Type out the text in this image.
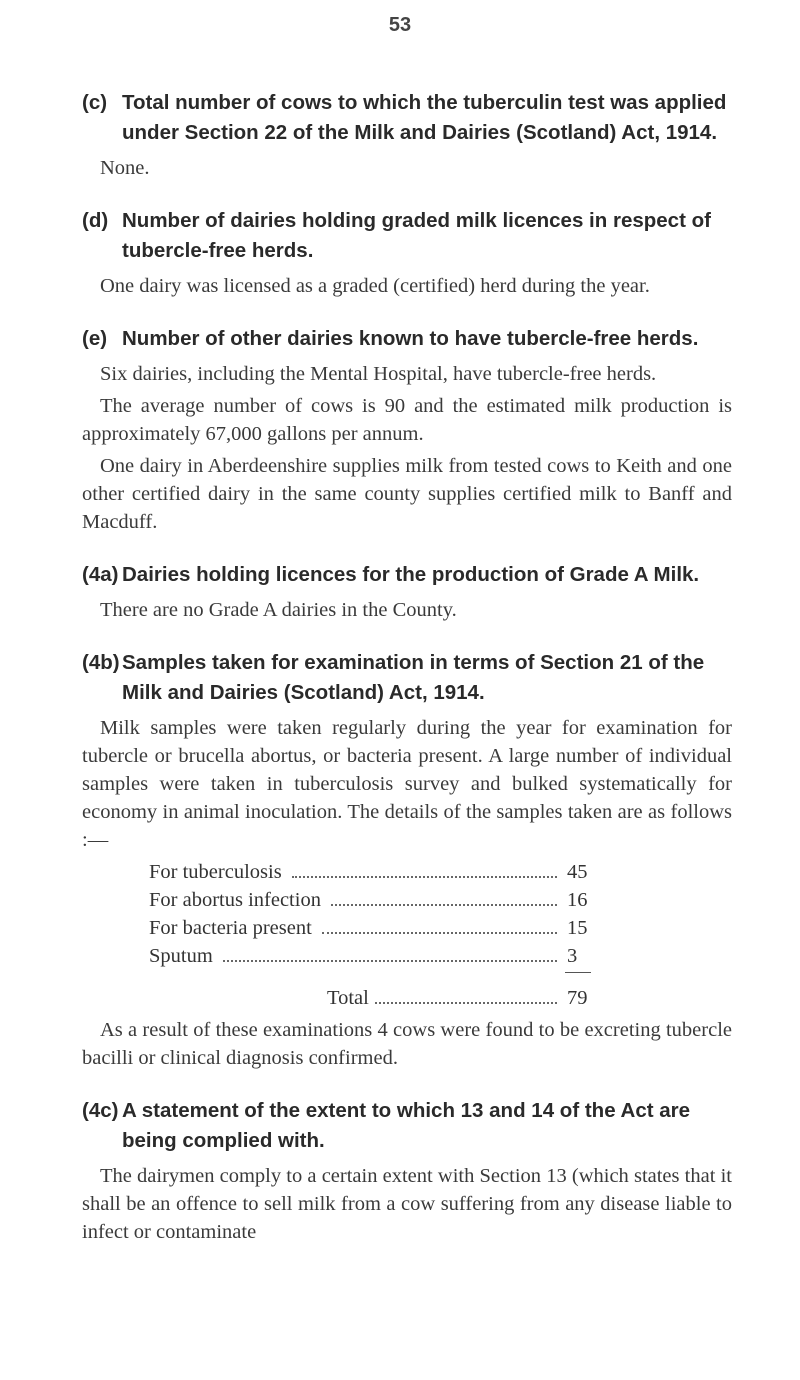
53
(c) Total number of cows to which the tuberculin test was applied under Section 22 of the Milk and Dairies (Scotland) Act, 1914.

None.

(d) Number of dairies holding graded milk licences in respect of tubercle-free herds.

One dairy was licensed as a graded (certified) herd during the year.

(e) Number of other dairies known to have tubercle-free herds.

Six dairies, including the Mental Hospital, have tubercle-free herds.

The average number of cows is 90 and the estimated milk production is approximately 67,000 gallons per annum.

One dairy in Aberdeenshire supplies milk from tested cows to Keith and one other certified dairy in the same county supplies certified milk to Banff and Macduff.

(4a) Dairies holding licences for the production of Grade A Milk.

There are no Grade A dairies in the County.

(4b) Samples taken for examination in terms of Section 21 of the Milk and Dairies (Scotland) Act, 1914.

Milk samples were taken regularly during the year for examination for tubercle or brucella abortus, or bacteria present. A large number of individual samples were taken in tuberculosis survey and bulked systematically for economy in animal inoculation. The details of the samples taken are as follows :—

For tuberculosis	45
For abortus infection	16
For bacteria present	15
Sputum	3
Total	79

As a result of these examinations 4 cows were found to be excreting tubercle bacilli or clinical diagnosis confirmed.

(4c) A statement of the extent to which 13 and 14 of the Act are being complied with.

The dairymen comply to a certain extent with Section 13 (which states that it shall be an offence to sell milk from a cow suffering from any disease liable to infect or contaminate
